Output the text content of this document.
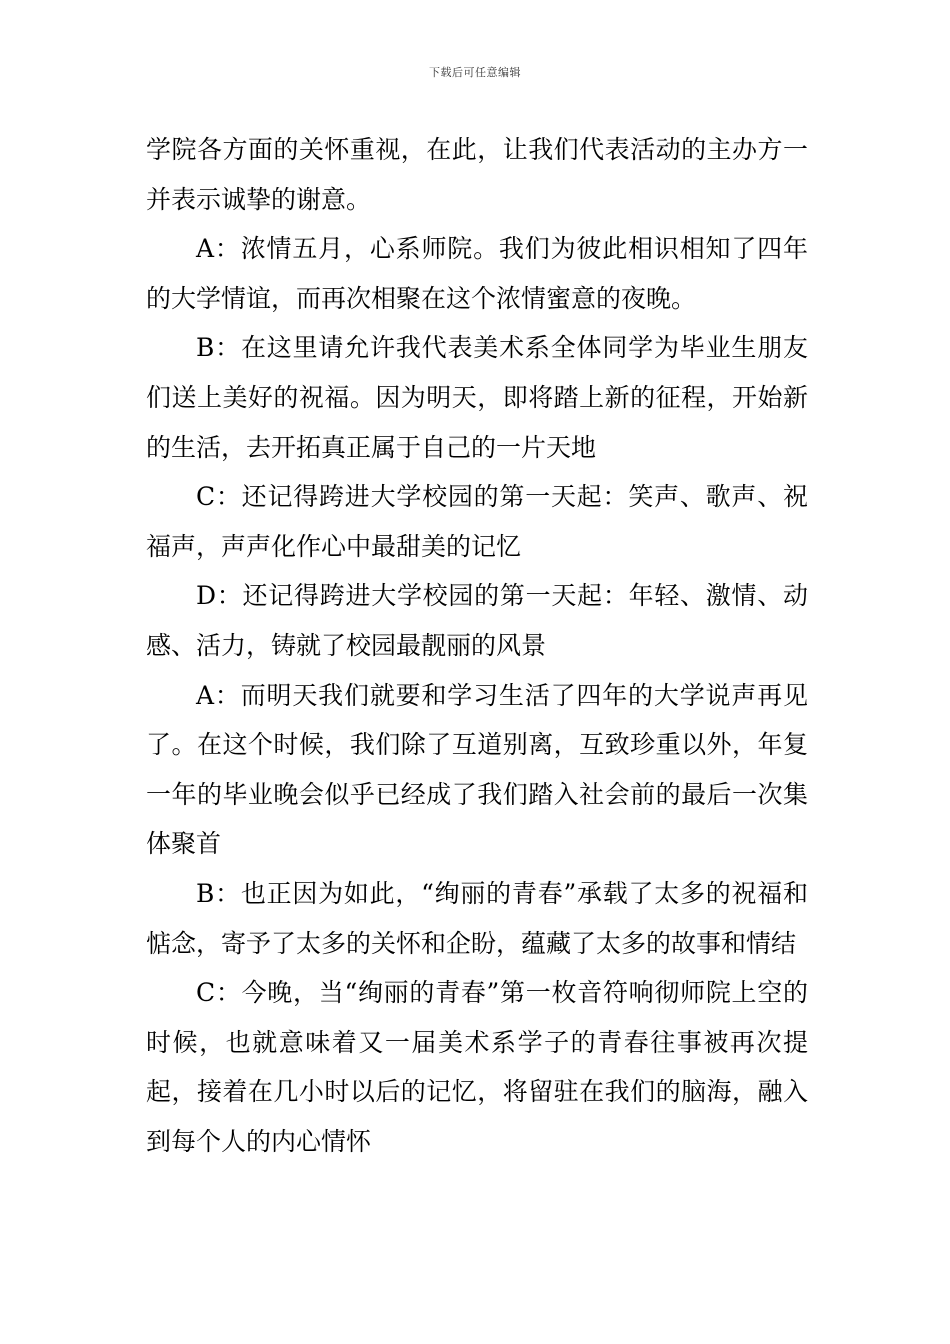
下载后可任意编辑

学院各方面的关怀重视，在此，让我们代表活动的主办方一并表示诚挚的谢意。

A：浓情五月，心系师院。我们为彼此相识相知了四年的大学情谊，而再次相聚在这个浓情蜜意的夜晚。

B：在这里请允许我代表美术系全体同学为毕业生朋友们送上美好的祝福。因为明天，即将踏上新的征程，开始新的生活，去开拓真正属于自己的一片天地

C：还记得跨进大学校园的第一天起：笑声、歌声、祝福声，声声化作心中最甜美的记忆

D：还记得跨进大学校园的第一天起：年轻、激情、动感、活力，铸就了校园最靓丽的风景

A：而明天我们就要和学习生活了四年的大学说声再见了。在这个时候，我们除了互道别离，互致珍重以外，年复一年的毕业晚会似乎已经成了我们踏入社会前的最后一次集体聚首

B：也正因为如此，“绚丽的青春”承载了太多的祝福和惦念，寄予了太多的关怀和企盼，蕴藏了太多的故事和情结

C：今晚，当“绚丽的青春”第一枚音符响彻师院上空的时候，也就意味着又一届美术系学子的青春往事被再次提起，接着在几小时以后的记忆，将留驻在我们的脑海，融入到每个人的内心情怀
